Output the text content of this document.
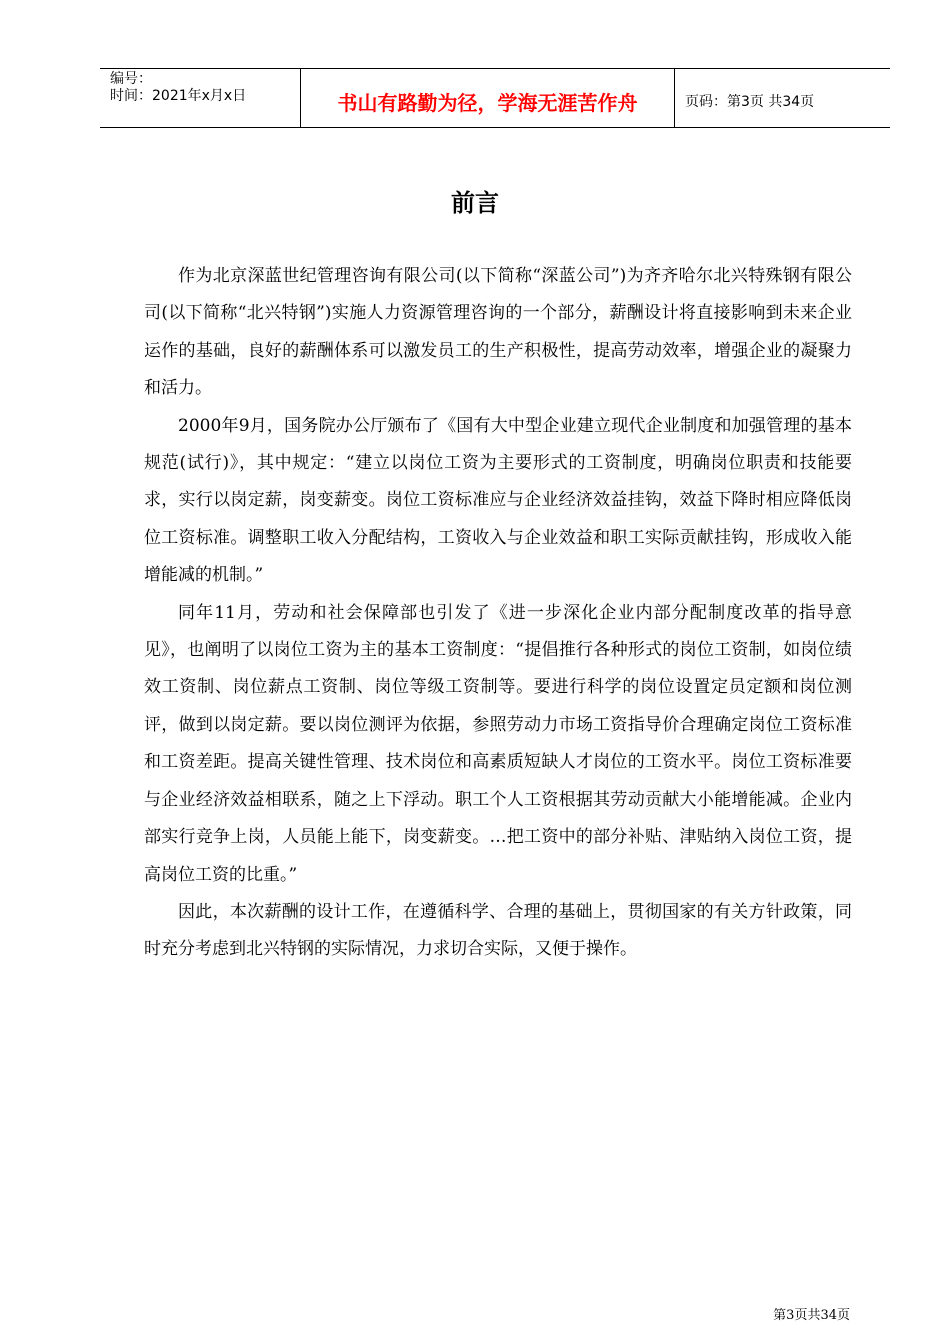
编号：
时间：2021年x月x日	书山有路勤为径，学海无涯苦作舟	页码：第3页 共34页
前言

作为北京深蓝世纪管理咨询有限公司(以下简称“深蓝公司”)为齐齐哈尔北兴特殊钢有限公司(以下简称“北兴特钢”)实施人力资源管理咨询的一个部分，薪酬设计将直接影响到未来企业运作的基础，良好的薪酬体系可以激发员工的生产积极性，提高劳动效率，增强企业的凝聚力和活力。

2000年9月，国务院办公厅颁布了《国有大中型企业建立现代企业制度和加强管理的基本规范(试行)》，其中规定：“建立以岗位工资为主要形式的工资制度，明确岗位职责和技能要求，实行以岗定薪，岗变薪变。岗位工资标准应与企业经济效益挂钩，效益下降时相应降低岗位工资标准。调整职工收入分配结构，工资收入与企业效益和职工实际贡献挂钩，形成收入能增能减的机制。”

同年11月，劳动和社会保障部也引发了《进一步深化企业内部分配制度改革的指导意见》，也阐明了以岗位工资为主的基本工资制度：“提倡推行各种形式的岗位工资制，如岗位绩效工资制、岗位薪点工资制、岗位等级工资制等。要进行科学的岗位设置定员定额和岗位测评，做到以岗定薪。要以岗位测评为依据，参照劳动力市场工资指导价合理确定岗位工资标准和工资差距。提高关键性管理、技术岗位和高素质短缺人才岗位的工资水平。岗位工资标准要与企业经济效益相联系，随之上下浮动。职工个人工资根据其劳动贡献大小能增能减。企业内部实行竞争上岗，人员能上能下，岗变薪变。…把工资中的部分补贴、津贴纳入岗位工资，提高岗位工资的比重。”

因此，本次薪酬的设计工作，在遵循科学、合理的基础上，贯彻国家的有关方针政策，同时充分考虑到北兴特钢的实际情况，力求切合实际，又便于操作。

第3页共34页
